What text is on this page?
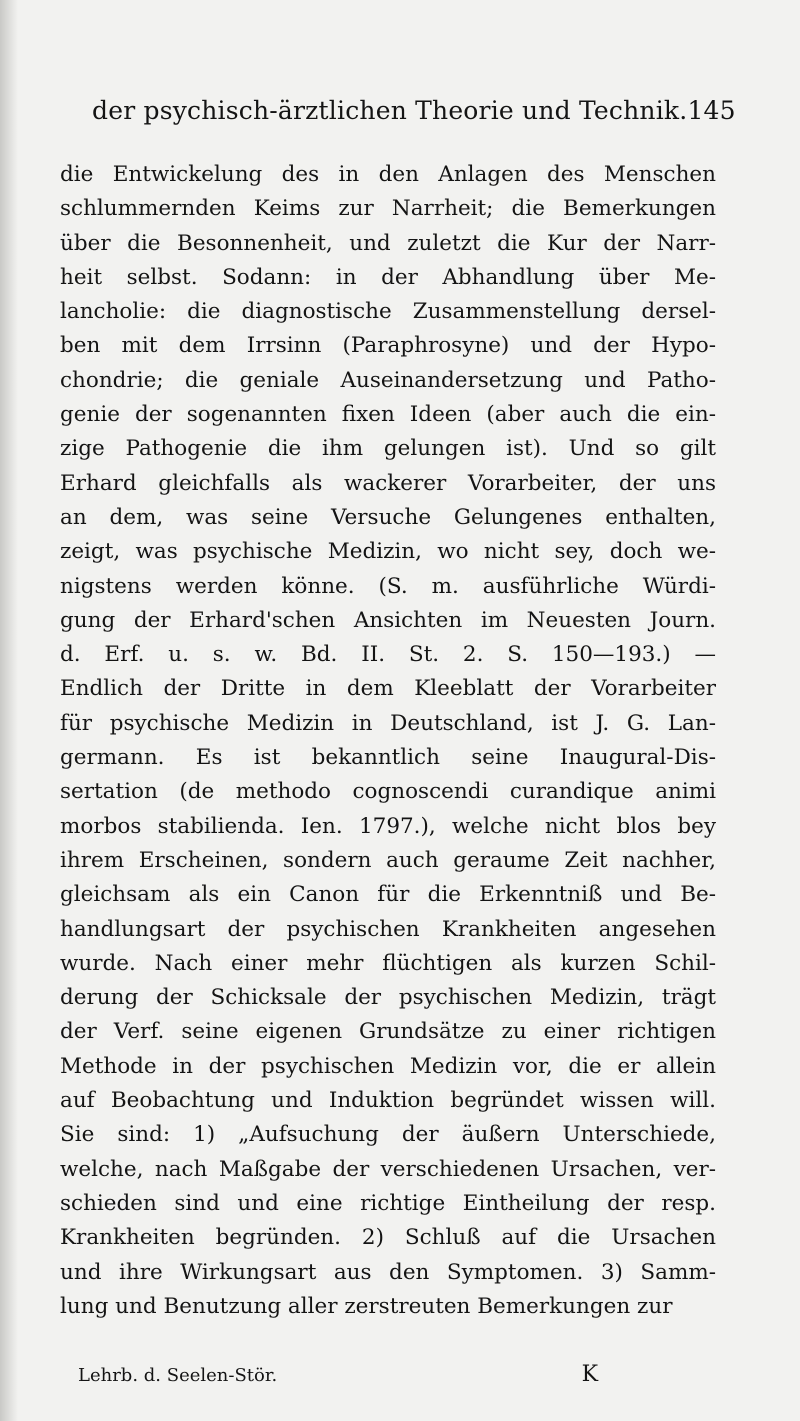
der psychisch-ärztlichen Theorie und Technik. 145
die Entwickelung des in den Anlagen des Menschen
schlummernden Keims zur Narrheit; die Bemerkungen
über die Besonnenheit, und zuletzt die Kur der Narr-
heit selbst. Sodann: in der Abhandlung über Me-
lancholie: die diagnostische Zusammenstellung dersel-
ben mit dem Irrsinn (Paraphrosyne) und der Hypo-
chondrie; die geniale Auseinandersetzung und Patho-
genie der sogenannten fixen Ideen (aber auch die ein-
zige Pathogenie die ihm gelungen ist). Und so gilt
Erhard gleichfalls als wackerer Vorarbeiter, der uns
an dem, was seine Versuche Gelungenes enthalten,
zeigt, was psychische Medizin, wo nicht sey, doch we-
nigstens werden könne. (S. m. ausführliche Würdi-
gung der Erhard'schen Ansichten im Neuesten Journ.
d. Erf. u. s. w. Bd. II. St. 2. S. 150—193.) —
Endlich der Dritte in dem Kleeblatt der Vorarbeiter
für psychische Medizin in Deutschland, ist J. G. Lan-
germann. Es ist bekanntlich seine Inaugural-Dis-
sertation (de methodo cognoscendi curandique animi
morbos stabilienda. Ien. 1797.), welche nicht blos bey
ihrem Erscheinen, sondern auch geraume Zeit nachher,
gleichsam als ein Canon für die Erkenntniß und Be-
handlungsart der psychischen Krankheiten angesehen
wurde. Nach einer mehr flüchtigen als kurzen Schil-
derung der Schicksale der psychischen Medizin, trägt
der Verf. seine eigenen Grundsätze zu einer richtigen
Methode in der psychischen Medizin vor, die er allein
auf Beobachtung und Induktion begründet wissen will.
Sie sind: 1) „Aufsuchung der äußern Unterschiede,
welche, nach Maßgabe der verschiedenen Ursachen, ver-
schieden sind und eine richtige Eintheilung der resp.
Krankheiten begründen. 2) Schluß auf die Ursachen
und ihre Wirkungsart aus den Symptomen. 3) Samm-
lung und Benutzung aller zerstreuten Bemerkungen zur
Lehrb. d. Seelen-Stör.	K
